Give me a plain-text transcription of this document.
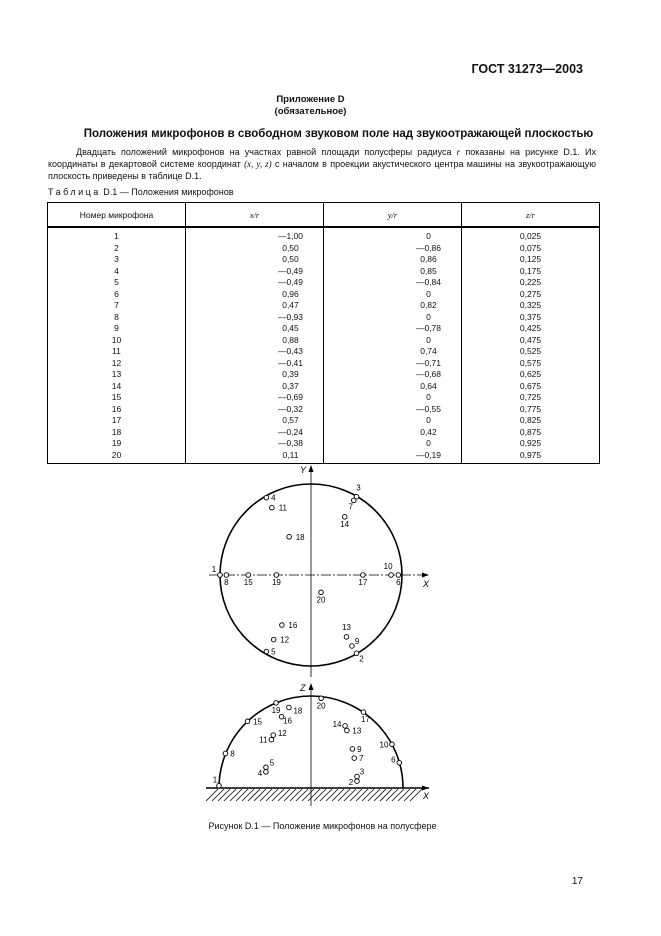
ГОСТ 31273—2003
Приложение D
(обязательное)
Положения микрофонов в свободном звуковом поле над звукоотражающей плоскостью
Двадцать положений микрофонов на участках равной площади полусферы радиуса r показаны на рисунке D.1. Их координаты в декартовой системе координат (x, y, z) с началом в проекции акустического центра машины на звукоотражающую плоскость приведены в таблице D.1.
Таблица D.1 — Положения микрофонов
Номер микрофона	x/r	y/r	z/r
1	—1,00	0	0,025
2	0,50	—0,86	0,075
3	0,50	0,86	0,125
4	—0,49	0,85	0,175
5	—0,49	—0,84	0,225
6	0,96	0	0,275
7	0,47	0,82	0,325
8	—0,93	0	0,375
9	0,45	—0,78	0,425
10	0,88	0	0,475
11	—0,43	0,74	0,525
12	—0,41	—0,71	0,575
13	0,39	—0,68	0,625
14	0,37	0,64	0,675
15	—0,69	0	0,725
16	—0,32	—0,55	0,775
17	0,57	0	0,825
18	—0,24	0,42	0,875
19	—0,38	0	0,925
20	0,11	—0,19	0,975
X
Y
X
Z
1
1
2
2
3
3
4
4
5
5
6
6
7
7
8
8
9
9
10
10
11
11
12
12
13
13
14
14
15
15
16
16
17
17
18
18
19
19
20
20
Рисунок D.1 — Положение микрофонов на полусфере
17
